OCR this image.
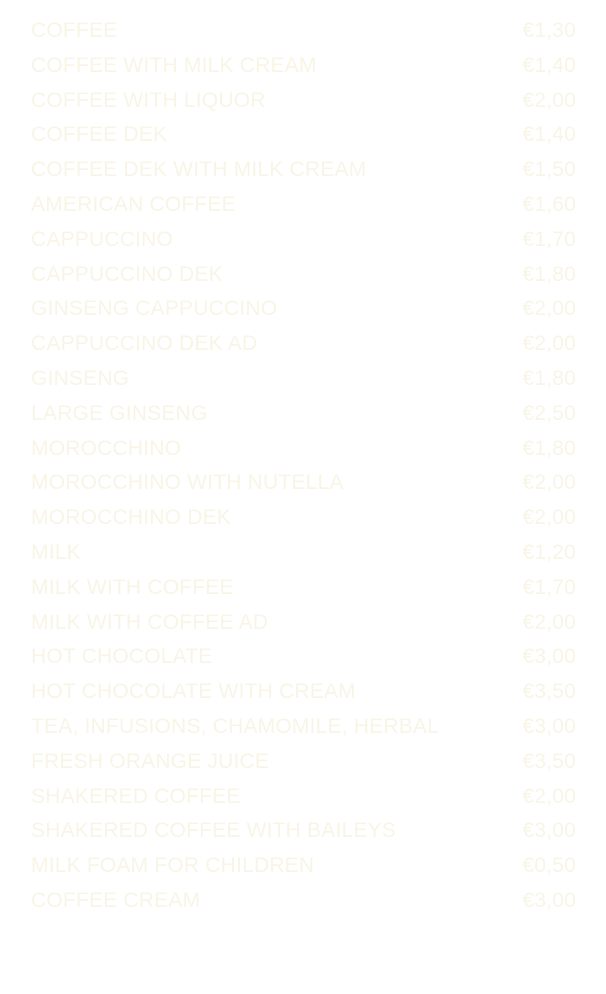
COFFEE	€1,30
COFFEE WITH MILK CREAM	€1,40
COFFEE WITH LIQUOR	€2,00
COFFEE DEK	€1,40
COFFEE DEK WITH MILK CREAM	€1,50
AMERICAN COFFEE	€1,60
CAPPUCCINO	€1,70
CAPPUCCINO DEK	€1,80
GINSENG CAPPUCCINO	€2,00
CAPPUCCINO DEK AD	€2,00
GINSENG	€1,80
LARGE GINSENG	€2,50
MOROCCHINO	€1,80
MOROCCHINO WITH NUTELLA	€2,00
MOROCCHINO DEK	€2,00
MILK	€1,20
MILK WITH COFFEE	€1,70
MILK WITH COFFEE AD	€2,00
HOT CHOCOLATE	€3,00
HOT CHOCOLATE WITH CREAM	€3,50
TEA, INFUSIONS, CHAMOMILE, HERBAL	€3,00
FRESH ORANGE JUICE	€3,50
SHAKERED COFFEE	€2,00
SHAKERED COFFEE WITH BAILEYS	€3,00
MILK FOAM FOR CHILDREN	€0,50
COFFEE CREAM	€3,00
